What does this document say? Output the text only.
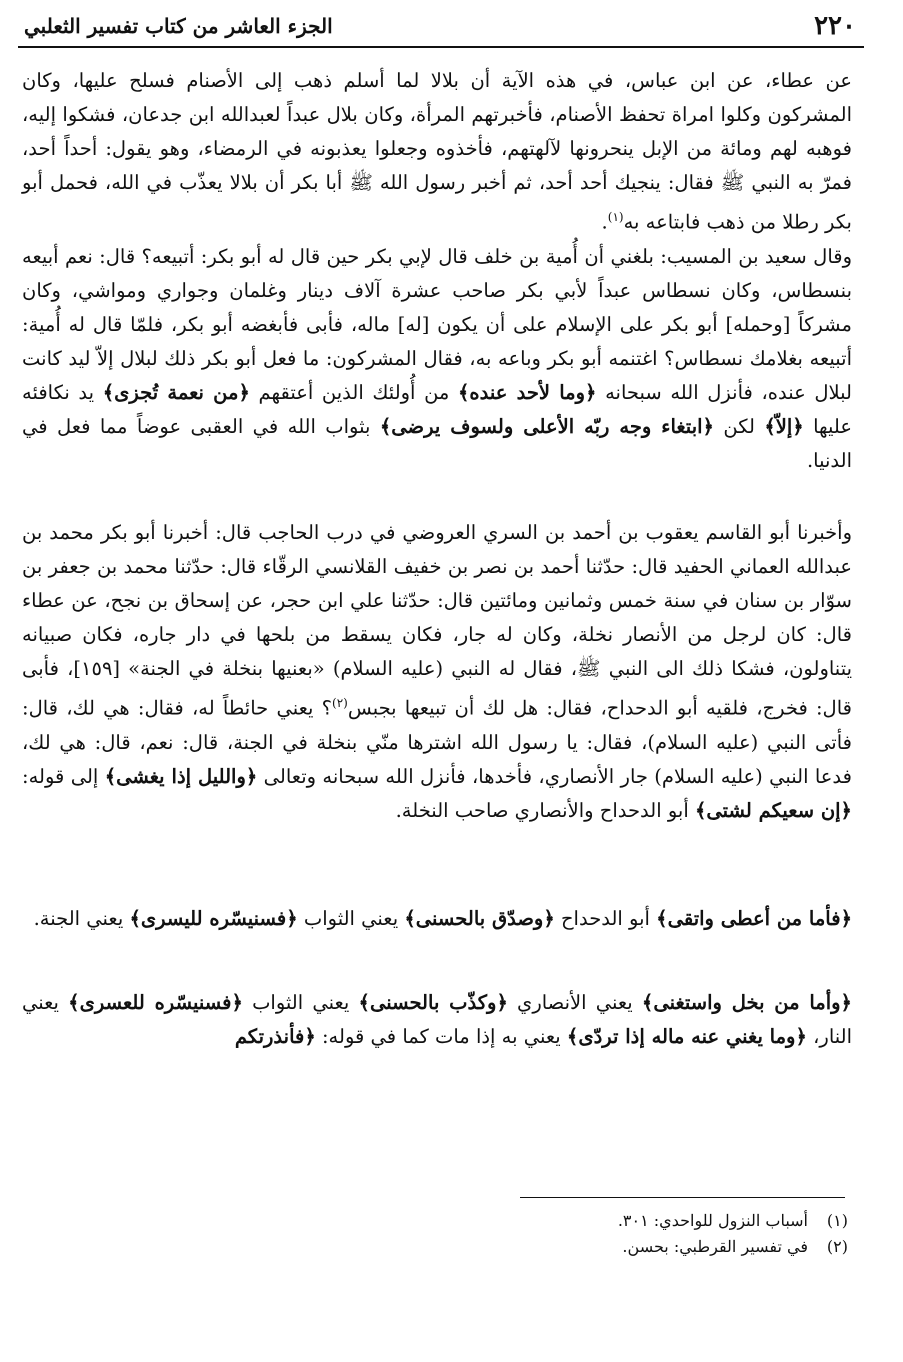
٢٢٠
الجزء العاشر من كتاب تفسير الثعلبي

عن عطاء، عن ابن عباس، في هذه الآية أن بلالا لما أسلم ذهب إلى الأصنام فسلح عليها، وكان المشركون وكلوا امراة تحفظ الأصنام، فأخبرتهم المرأة، وكان بلال عبداً لعبدالله ابن جدعان، فشكوا إليه، فوهبه لهم ومائة من الإبل ينحرونها لآلهتهم، فأخذوه وجعلوا يعذبونه في الرمضاء، وهو يقول: أحداً أحد، فمرّ به النبي ﷺ فقال: ينجيك أحد أحد، ثم أخبر رسول الله ﷺ أبا بكر أن بلالا يعذّب في الله، فحمل أبو بكر رطلا من ذهب فابتاعه به$^{(١)}$.

وقال سعيد بن المسيب: بلغني أن أُمية بن خلف قال لإبي بكر حين قال له أبو بكر: أتبيعه؟ قال: نعم أبيعه بنسطاس، وكان نسطاس عبداً لأبي بكر صاحب عشرة آلاف دينار وغلمان وجواري ومواشي، وكان مشركاً [وحمله] أبو بكر على الإسلام على أن يكون [له] ماله، فأبى فأبغضه أبو بكر، فلمّا قال له أُمية: أتبيعه بغلامك نسطاس؟ اغتنمه أبو بكر وباعه به، فقال المشركون: ما فعل أبو بكر ذلك لبلال إلاّ ليد كانت لبلال عنده، فأنزل الله سبحانه ﴿وما لأحد عنده﴾ من أُولئك الذين أعتقهم ﴿من نعمة تُجزى﴾ يد نكافئه عليها ﴿إلاّ﴾ لكن ﴿ابتغاء وجه ربّه الأعلى ولسوف يرضى﴾ بثواب الله في العقبى عوضاً مما فعل في الدنيا.

وأخبرنا أبو القاسم يعقوب بن أحمد بن السري العروضي في درب الحاجب قال: أخبرنا أبو بكر محمد بن عبدالله العماني الحفيد قال: حدّثنا أحمد بن نصر بن خفيف القلانسي الرقّاء قال: حدّثنا محمد بن جعفر بن سوّار بن سنان في سنة خمس وثمانين ومائتين قال: حدّثنا علي ابن حجر، عن إسحاق بن نجح، عن عطاء قال: كان لرجل من الأنصار نخلة، وكان له جار، فكان يسقط من بلحها في دار جاره، فكان صبيانه يتناولون، فشكا ذلك الى النبي ﷺ، فقال له النبي (عليه السلام) «بعنيها بنخلة في الجنة» [١٥٩]، فأبى قال: فخرج، فلقيه أبو الدحداح، فقال: هل لك أن تبيعها بجبس$^{(٢)}$؟ يعني حائطاً له، فقال: هي لك، قال: فأتى النبي (عليه السلام)، فقال: يا رسول الله اشترها منّي بنخلة في الجنة، قال: نعم، قال: هي لك، فدعا النبي (عليه السلام) جار الأنصاري، فأخدها، فأنزل الله سبحانه وتعالى ﴿والليل إذا يغشى﴾ إلى قوله: ﴿إن سعيكم لشتى﴾ أبو الدحداح والأنصاري صاحب النخلة.

﴿فأما من أعطى واتقى﴾ أبو الدحداح ﴿وصدّق بالحسنى﴾ يعني الثواب ﴿فسنيسّره لليسرى﴾ يعني الجنة.

﴿وأما من بخل واستغنى﴾ يعني الأنصاري ﴿وكذّب بالحسنى﴾ يعني الثواب ﴿فسنيسّره للعسرى﴾ يعني النار، ﴿وما يغني عنه ماله إذا تردّى﴾ يعني به إذا مات كما في قوله: ﴿فأنذرتكم

(١)
أسباب النزول للواحدي: ٣٠١.
(٢)
في تفسير القرطبي: بحسن.
